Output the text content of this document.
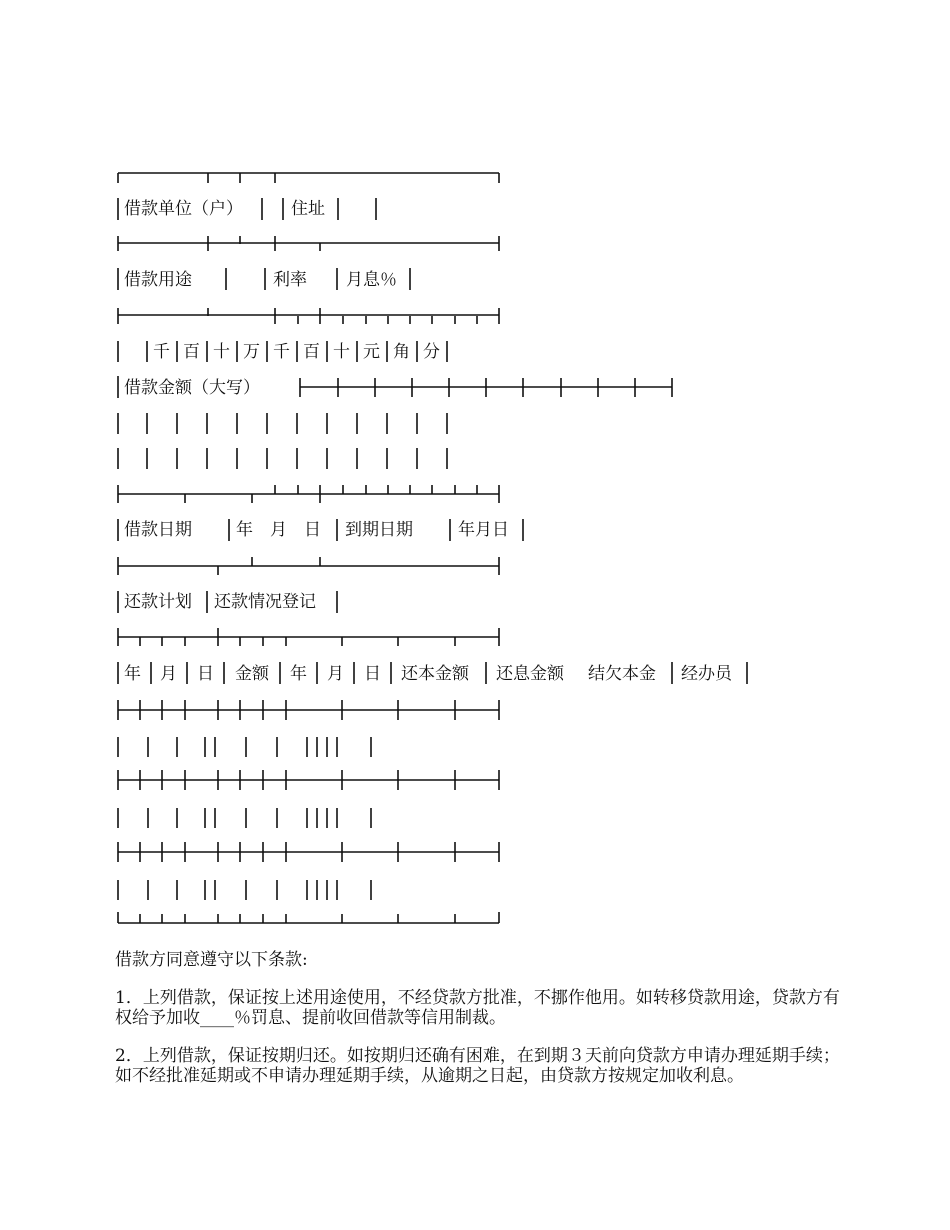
借款单位（户）	住址
借款用途	利率 月息％
千 百 十 万 千 百 十 元 角 分
借款金额（大写）
借款日期	年　月　日 到期日期	年月日
还款计划 还款情况登记
年 月 日 金额 年 月 日 还本金额 还息金额 结欠本金 经办员

借款方同意遵守以下条款:

1．上列借款，保证按上述用途使用，不经贷款方批准，不挪作他用。如转移贷款用途，贷款方有权给予加收____％罚息、提前收回借款等信用制裁。

2．上列借款，保证按期归还。如按期归还确有困难，在到期３天前向贷款方申请办理延期手续；如不经批准延期或不申请办理延期手续，从逾期之日起，由贷款方按规定加收利息。
